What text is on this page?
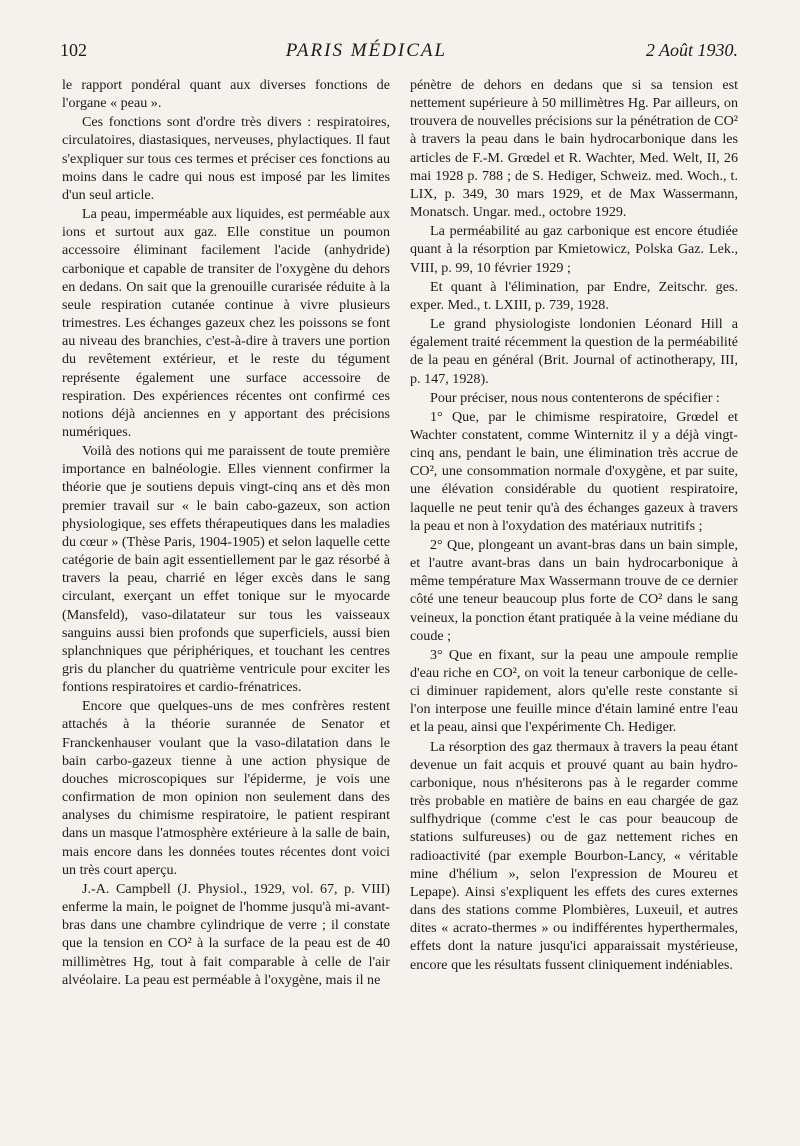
102	PARIS MÉDICAL	2 Août 1930.

le rapport pondéral quant aux diverses fonctions de l'organe « peau ».

Ces fonctions sont d'ordre très divers : respiratoires, circulatoires, diastasiques, nerveuses, phylactiques. Il faut s'expliquer sur tous ces termes et préciser ces fonctions au moins dans le cadre qui nous est imposé par les limites d'un seul article.

La peau, imperméable aux liquides, est perméable aux ions et surtout aux gaz. Elle constitue un poumon accessoire éliminant facilement l'acide (anhydride) carbonique et capable de transiter de l'oxygène du dehors en dedans. On sait que la grenouille curarisée réduite à la seule respiration cutanée continue à vivre plusieurs trimestres. Les échanges gazeux chez les poissons se font au niveau des branchies, c'est-à-dire à travers une portion du revêtement extérieur, et le reste du tégument représente également une surface accessoire de respiration. Des expériences récentes ont confirmé ces notions déjà anciennes en y apportant des précisions numériques.

Voilà des notions qui me paraissent de toute première importance en balnéologie. Elles viennent confirmer la théorie que je soutiens depuis vingt-cinq ans et dès mon premier travail sur « le bain cabo-gazeux, son action physiologique, ses effets thérapeutiques dans les maladies du cœur » (Thèse Paris, 1904-1905) et selon laquelle cette catégorie de bain agit essentiellement par le gaz résorbé à travers la peau, charrié en léger excès dans le sang circulant, exerçant un effet tonique sur le myocarde (Mansfeld), vaso-dilatateur sur tous les vaisseaux sanguins aussi bien profonds que superficiels, aussi bien splanchniques que périphériques, et touchant les centres gris du plancher du quatrième ventricule pour exciter les fontions respiratoires et cardio-frénatrices.

Encore que quelques-uns de mes confrères restent attachés à la théorie surannée de Senator et Franckenhauser voulant que la vaso-dilatation dans le bain carbo-gazeux tienne à une action physique de douches microscopiques sur l'épiderme, je vois une confirmation de mon opinion non seulement dans des analyses du chimisme respiratoire, le patient respirant dans un masque l'atmosphère extérieure à la salle de bain, mais encore dans les données toutes récentes dont voici un très court aperçu.

J.-A. Campbell (J. Physiol., 1929, vol. 67, p. VIII) enferme la main, le poignet de l'homme jusqu'à mi-avant-bras dans une chambre cylindrique de verre ; il constate que la tension en CO² à la surface de la peau est de 40 millimètres Hg, tout à fait comparable à celle de l'air alvéolaire. La peau est perméable à l'oxygène, mais il ne

pénètre de dehors en dedans que si sa tension est nettement supérieure à 50 millimètres Hg. Par ailleurs, on trouvera de nouvelles précisions sur la pénétration de CO² à travers la peau dans le bain hydrocarbonique dans les articles de F.-M. Grœdel et R. Wachter, Med. Welt, II, 26 mai 1928 p. 788 ; de S. Hediger, Schweiz. med. Woch., t. LIX, p. 349, 30 mars 1929, et de Max Wassermann, Monatsch. Ungar. med., octobre 1929.

La perméabilité au gaz carbonique est encore étudiée quant à la résorption par Kmietowicz, Polska Gaz. Lek., VIII, p. 99, 10 février 1929 ;

Et quant à l'élimination, par Endre, Zeitschr. ges. exper. Med., t. LXIII, p. 739, 1928.

Le grand physiologiste londonien Léonard Hill a également traité récemment la question de la perméabilité de la peau en général (Brit. Journal of actinotherapy, III, p. 147, 1928).

Pour préciser, nous nous contenterons de spécifier :

1° Que, par le chimisme respiratoire, Grœdel et Wachter constatent, comme Winternitz il y a déjà vingt-cinq ans, pendant le bain, une élimination très accrue de CO², une consommation normale d'oxygène, et par suite, une élévation considérable du quotient respiratoire, laquelle ne peut tenir qu'à des échanges gazeux à travers la peau et non à l'oxydation des matériaux nutritifs ;

2° Que, plongeant un avant-bras dans un bain simple, et l'autre avant-bras dans un bain hydrocarbonique à même température Max Wassermann trouve de ce dernier côté une teneur beaucoup plus forte de CO² dans le sang veineux, la ponction étant pratiquée à la veine médiane du coude ;

3° Que en fixant, sur la peau une ampoule remplie d'eau riche en CO², on voit la teneur carbonique de celle-ci diminuer rapidement, alors qu'elle reste constante si l'on interpose une feuille mince d'étain laminé entre l'eau et la peau, ainsi que l'expérimente Ch. Hediger.

La résorption des gaz thermaux à travers la peau étant devenue un fait acquis et prouvé quant au bain hydro-carbonique, nous n'hésiterons pas à le regarder comme très probable en matière de bains en eau chargée de gaz sulfhydrique (comme c'est le cas pour beaucoup de stations sulfureuses) ou de gaz nettement riches en radioactivité (par exemple Bourbon-Lancy, « véritable mine d'hélium », selon l'expression de Moureu et Lepape). Ainsi s'expliquent les effets des cures externes dans des stations comme Plombières, Luxeuil, et autres dites « acrato-thermes » ou indifférentes hyperthermales, effets dont la nature jusqu'ici apparaissait mystérieuse, encore que les résultats fussent cliniquement indéniables.
